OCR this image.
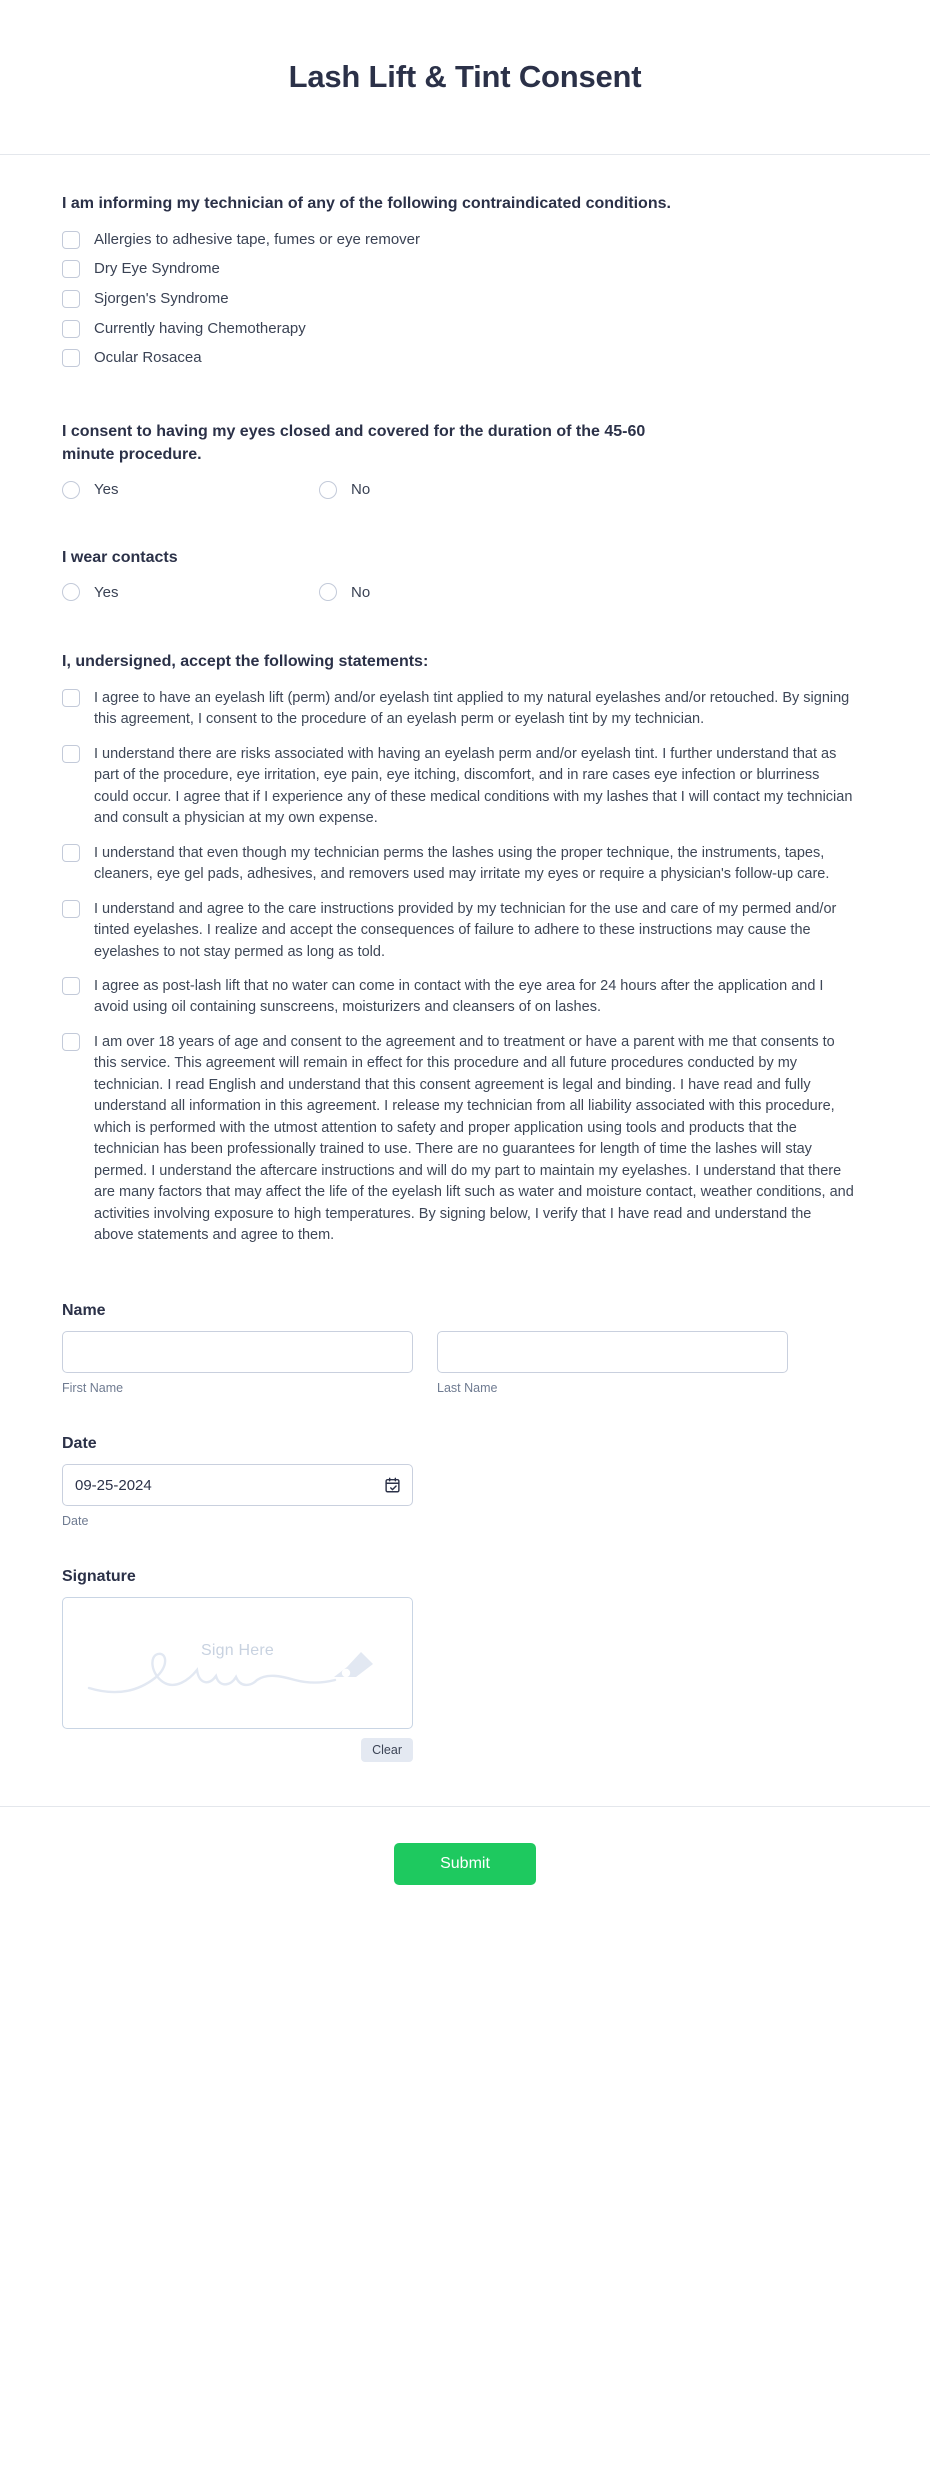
Lash Lift & Tint Consent
I am informing my technician of any of the following contraindicated conditions.
Allergies to adhesive tape, fumes or eye remover
Dry Eye Syndrome
Sjorgen's Syndrome
Currently having Chemotherapy
Ocular Rosacea
I consent to having my eyes closed and covered for the duration of the 45-60 minute procedure.
Yes	No
I wear contacts
Yes	No
I, undersigned, accept the following statements:
I agree to have an eyelash lift (perm) and/or eyelash tint applied to my natural eyelashes and/or retouched. By signing this agreement, I consent to the procedure of an eyelash perm or eyelash tint by my technician.
I understand there are risks associated with having an eyelash perm and/or eyelash tint. I further understand that as part of the procedure, eye irritation, eye pain, eye itching, discomfort, and in rare cases eye infection or blurriness could occur. I agree that if I experience any of these medical conditions with my lashes that I will contact my technician and consult a physician at my own expense.
I understand that even though my technician perms the lashes using the proper technique, the instruments, tapes, cleaners, eye gel pads, adhesives, and removers used may irritate my eyes or require a physician's follow-up care.
I understand and agree to the care instructions provided by my technician for the use and care of my permed and/or tinted eyelashes. I realize and accept the consequences of failure to adhere to these instructions may cause the eyelashes to not stay permed as long as told.
I agree as post-lash lift that no water can come in contact with the eye area for 24 hours after the application and I avoid using oil containing sunscreens, moisturizers and cleansers of on lashes.
I am over 18 years of age and consent to the agreement and to treatment or have a parent with me that consents to this service. This agreement will remain in effect for this procedure and all future procedures conducted by my technician. I read English and understand that this consent agreement is legal and binding. I have read and fully understand all information in this agreement. I release my technician from all liability associated with this procedure, which is performed with the utmost attention to safety and proper application using tools and products that the technician has been professionally trained to use. There are no guarantees for length of time the lashes will stay permed. I understand the aftercare instructions and will do my part to maintain my eyelashes. I understand that there are many factors that may affect the life of the eyelash lift such as water and moisture contact, weather conditions, and activities involving exposure to high temperatures. By signing below, I verify that I have read and understand the above statements and agree to them.
Name
First Name	Last Name
Date
09-25-2024
Date
Signature
Sign Here
Clear
Submit
